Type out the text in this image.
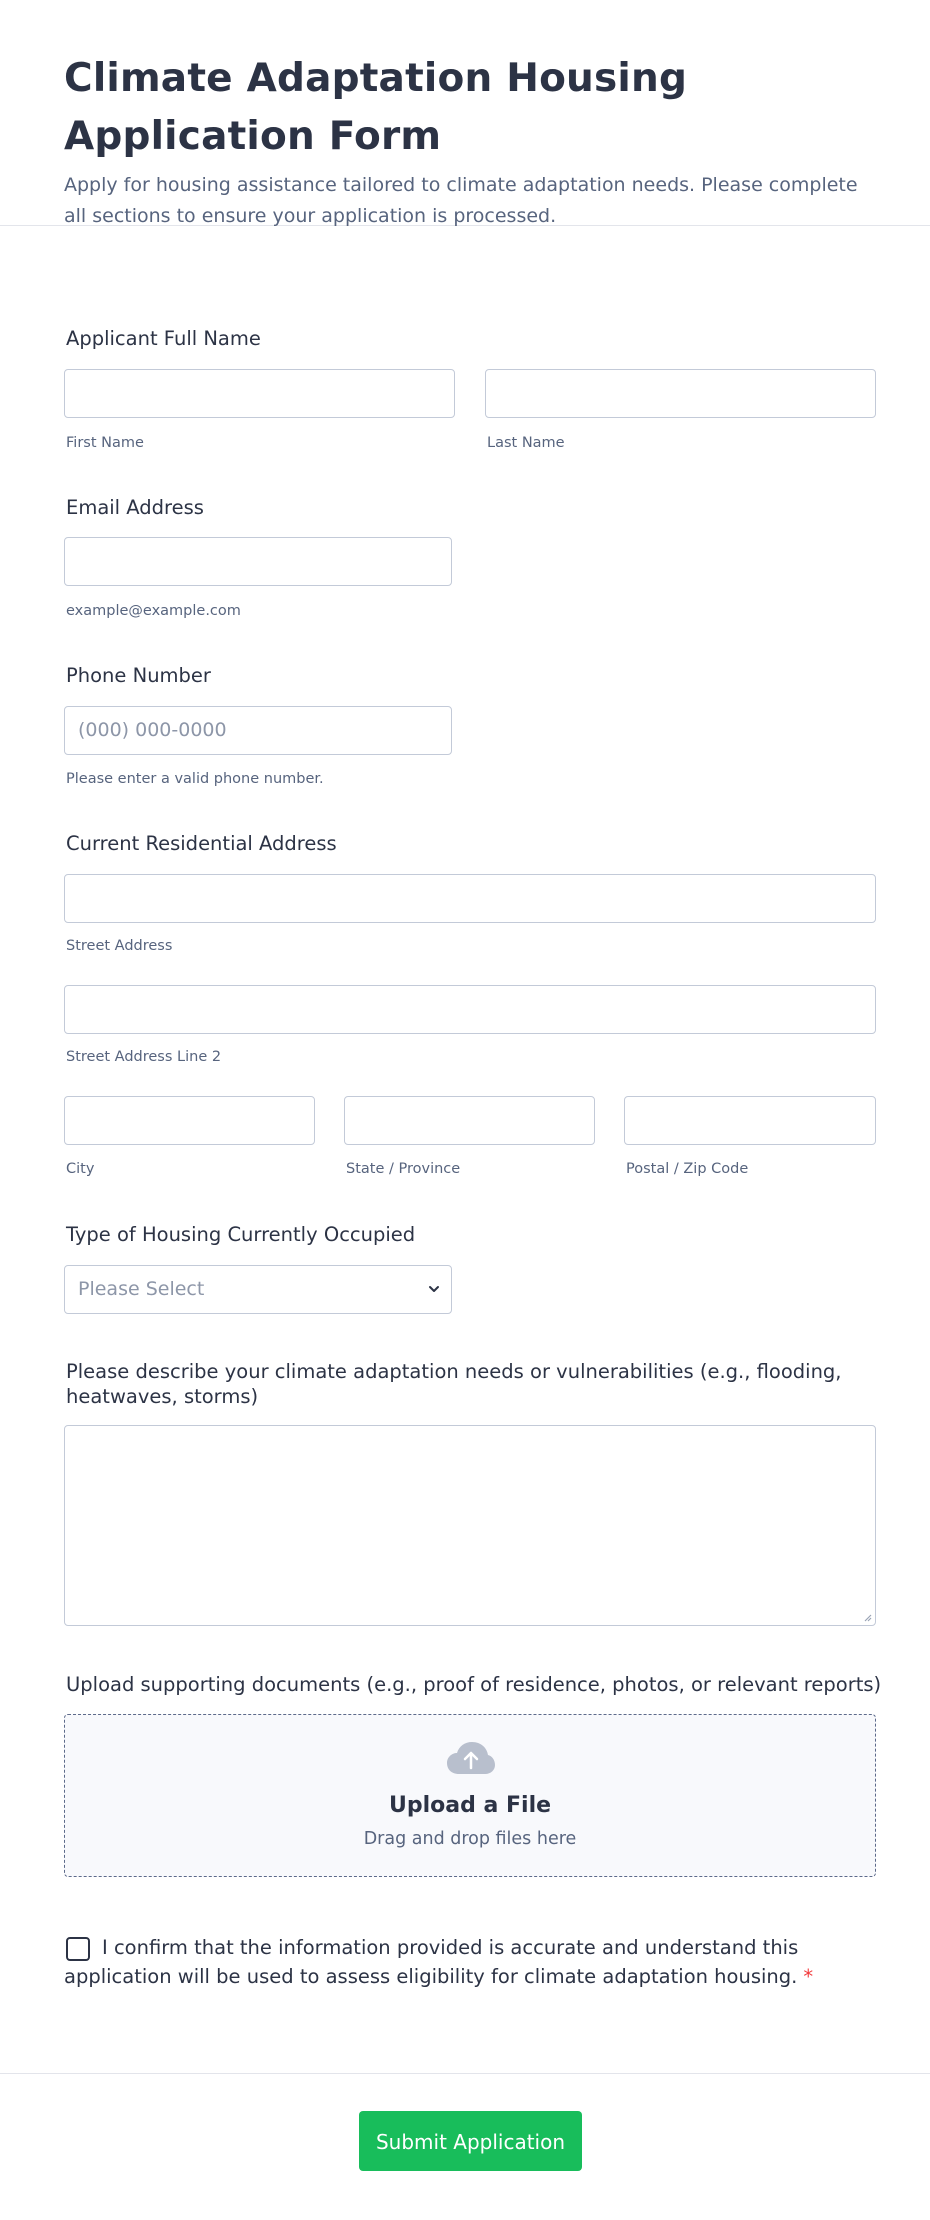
Climate Adaptation Housing Application Form
Apply for housing assistance tailored to climate adaptation needs. Please complete all sections to ensure your application is processed.
Applicant Full Name
First Name	Last Name
Email Address
example@example.com
Phone Number
(000) 000-0000
Please enter a valid phone number.
Current Residential Address
Street Address
Street Address Line 2
City	State / Province	Postal / Zip Code
Type of Housing Currently Occupied
Please Select
Please describe your climate adaptation needs or vulnerabilities (e.g., flooding, heatwaves, storms)
Upload supporting documents (e.g., proof of residence, photos, or relevant reports)
Upload a File
Drag and drop files here
I confirm that the information provided is accurate and understand this application will be used to assess eligibility for climate adaptation housing. *
Submit Application
